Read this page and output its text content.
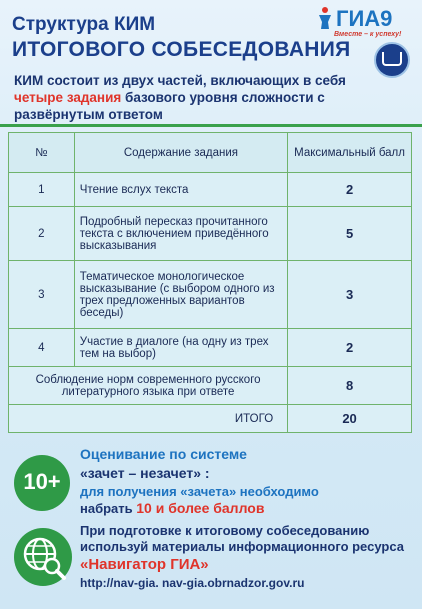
Структура КИМ
ИТОГОВОГО СОБЕСЕДОВАНИЯ
ГИА9
Вместе – к успеху!
КИМ состоит из двух частей, включающих в себя четыре задания базового уровня сложности с развёрнутым ответом
№	Содержание задания	Максимальный балл
1	Чтение вслух текста	2
2	Подробный пересказ прочитанного текста с включением приведённого высказывания	5
3	Тематическое монологическое высказывание (с выбором одного из трех предложенных вариантов беседы)	3
4	Участие в диалоге (на одну из трех тем на выбор)	2
Соблюдение норм современного русского литературного языка при ответе		8
ИТОГО		20
10+
Оценивание по системе
«зачет – незачет» :
для получения «зачета» необходимо
набрать 10 и более баллов
При подготовке к итоговому собеседованию используй материалы информационного ресурса
«Навигатор ГИА»
http://nav-gia. nav-gia.obrnadzor.gov.ru
